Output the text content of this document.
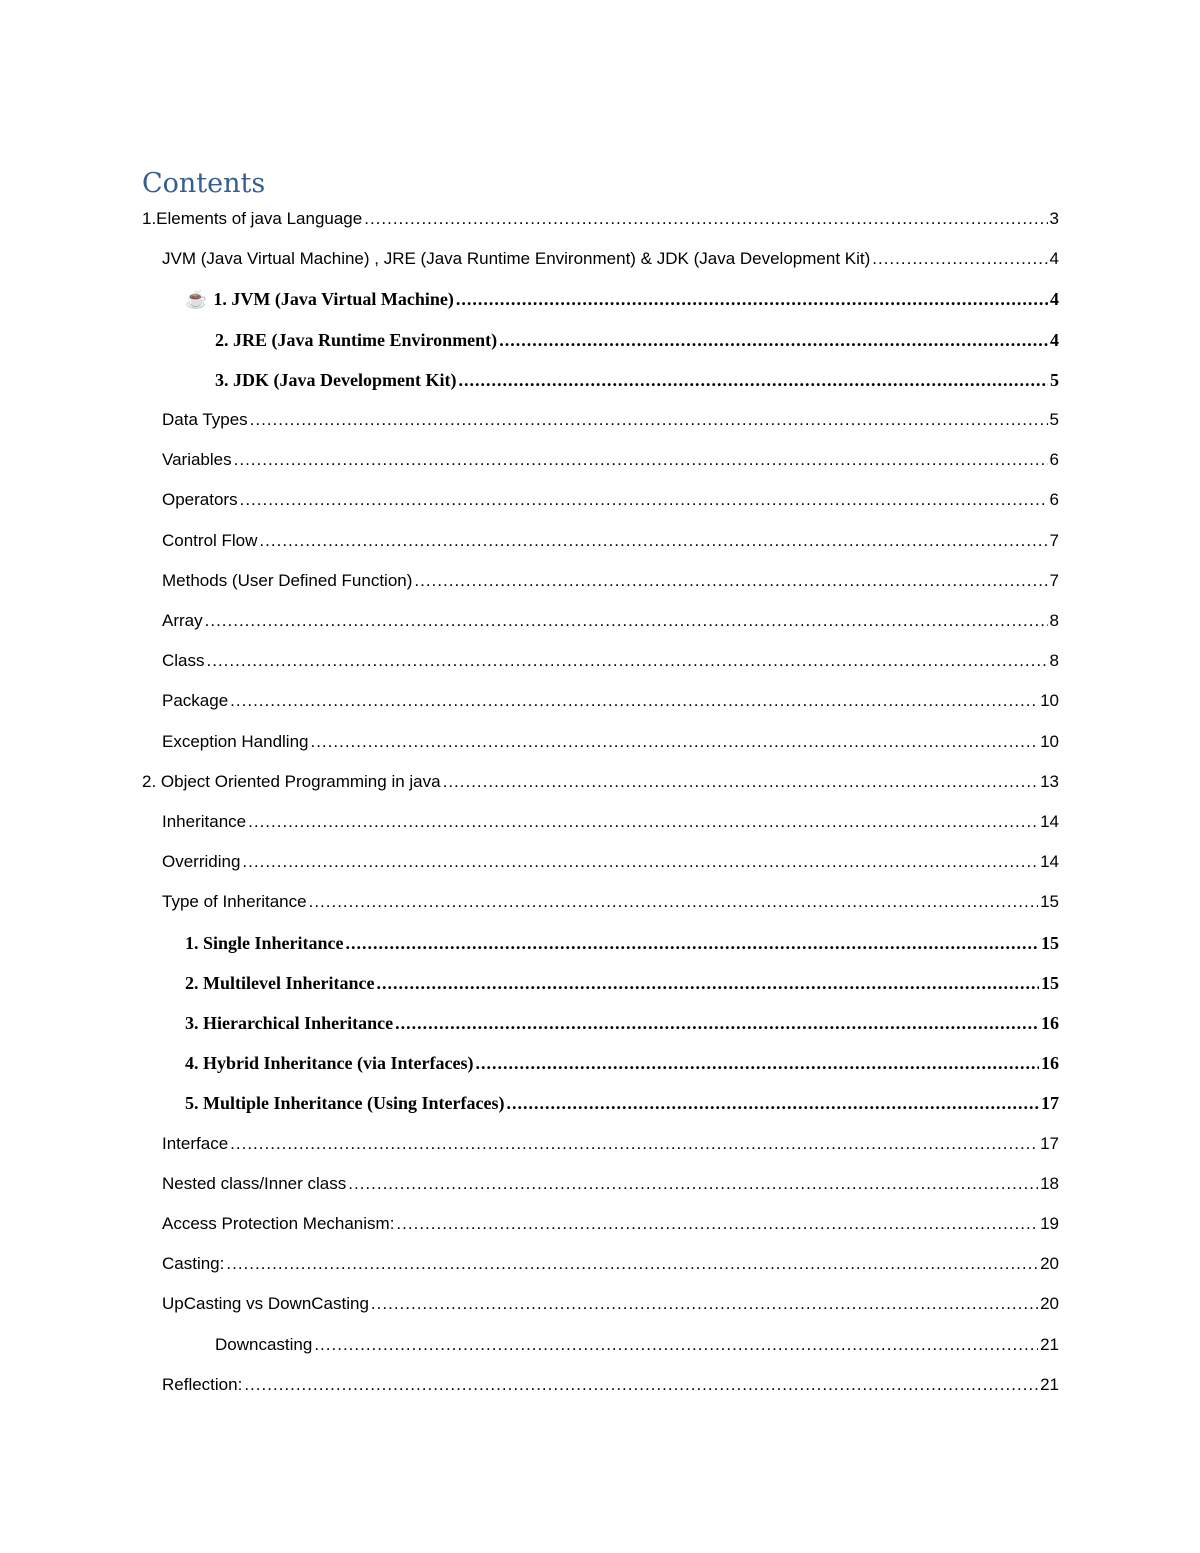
Contents
1.Elements of java Language .....	3
JVM (Java Virtual Machine) , JRE (Java Runtime Environment) & JDK (Java Development Kit) .....	4
☕ 1. JVM (Java Virtual Machine) .....	4
2. JRE (Java Runtime Environment) .....	4
3. JDK (Java Development Kit) .....	5
Data Types .....	5
Variables .....	6
Operators .....	6
Control Flow .....	7
Methods (User Defined Function) .....	7
Array .....	8
Class .....	8
Package .....	10
Exception Handling .....	10
2. Object Oriented Programming in java .....	13
Inheritance .....	14
Overriding .....	14
Type of Inheritance .....	15
1. Single Inheritance .....	15
2. Multilevel Inheritance .....	15
3. Hierarchical Inheritance .....	16
4. Hybrid Inheritance (via Interfaces) .....	16
5. Multiple Inheritance (Using Interfaces) .....	17
Interface .....	17
Nested class/Inner class .....	18
Access Protection Mechanism: .....	19
Casting: .....	20
UpCasting vs DownCasting .....	20
Downcasting .....	21
Reflection: .....	21
